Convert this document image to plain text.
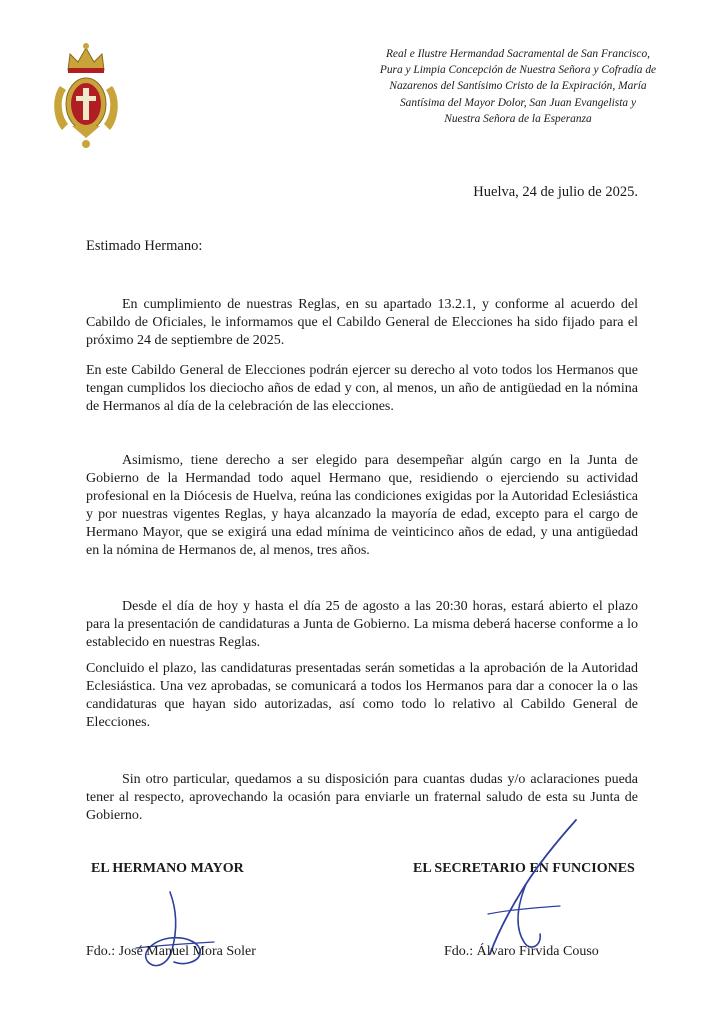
Real e Ilustre Hermandad Sacramental de San Francisco,
Pura y Limpia Concepción de Nuestra Señora y Cofradía de
Nazarenos del Santísimo Cristo de la Expiración, María
Santísima del Mayor Dolor, San Juan Evangelista y
Nuestra Señora de la Esperanza
Huelva, 24 de julio de 2025.
Estimado Hermano:

En cumplimiento de nuestras Reglas, en su apartado 13.2.1, y conforme al acuerdo del Cabildo de Oficiales, le informamos que el Cabildo General de Elecciones ha sido fijado para el próximo 24 de septiembre de 2025.

En este Cabildo General de Elecciones podrán ejercer su derecho al voto todos los Hermanos que tengan cumplidos los dieciocho años de edad y con, al menos, un año de antigüedad en la nómina de Hermanos al día de la celebración de las elecciones.

Asimismo, tiene derecho a ser elegido para desempeñar algún cargo en la Junta de Gobierno de la Hermandad todo aquel Hermano que, residiendo o ejerciendo su actividad profesional en la Diócesis de Huelva, reúna las condiciones exigidas por la Autoridad Eclesiástica y por nuestras vigentes Reglas, y haya alcanzado la mayoría de edad, excepto para el cargo de Hermano Mayor, que se exigirá una edad mínima de veinticinco años de edad, y una antigüedad en la nómina de Hermanos de, al menos, tres años.

Desde el día de hoy y hasta el día 25 de agosto a las 20:30 horas, estará abierto el plazo para la presentación de candidaturas a Junta de Gobierno. La misma deberá hacerse conforme a lo establecido en nuestras Reglas.

Concluido el plazo, las candidaturas presentadas serán sometidas a la aprobación de la Autoridad Eclesiástica. Una vez aprobadas, se comunicará a todos los Hermanos para dar a conocer la o las candidaturas que hayan sido autorizadas, así como todo lo relativo al Cabildo General de Elecciones.

Sin otro particular, quedamos a su disposición para cuantas dudas y/o aclaraciones pueda tener al respecto, aprovechando la ocasión para enviarle un fraternal saludo de esta su Junta de Gobierno.

EL HERMANO MAYOR	EL SECRETARIO EN FUNCIONES
Fdo.: José Manuel Mora Soler	Fdo.: Álvaro Firvida Couso
